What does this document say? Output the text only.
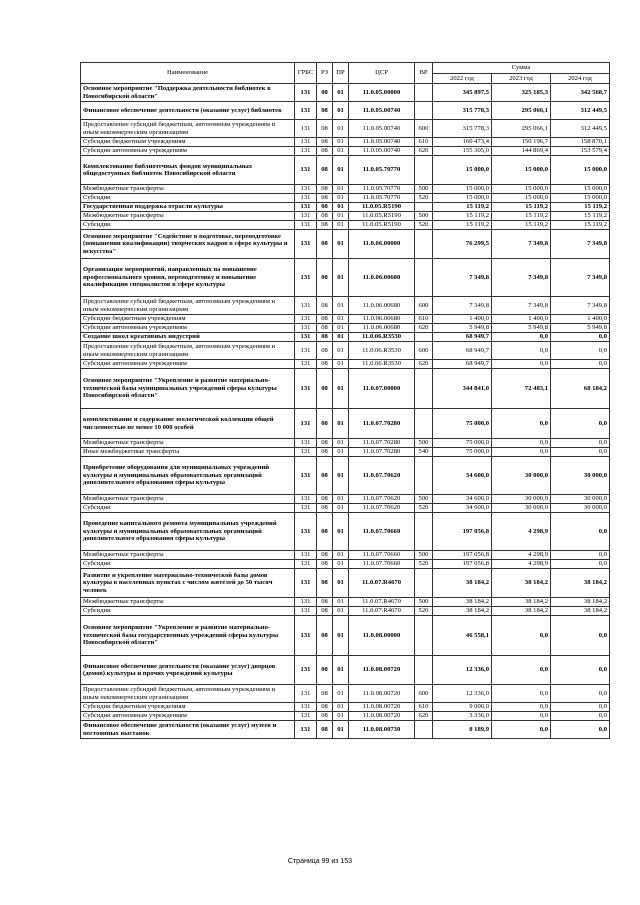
Наименование	ГРБС	РЗ	ПР	ЦСР	ВР	Сумма		
						2022 год	2023 год	2024 год
Основное мероприятие "Поддержка деятельности библиотек в Новосибирской области"	131	08	01	11.0.05.00000		345 897,5	325 185,3	342 568,7
Финансовое обеспечение деятельности (оказание услуг) библиотек	131	08	01	11.0.05.00740		315 778,3	295 066,1	312 449,5
Предоставление субсидий бюджетным, автономным учреждениям и иным некоммерческим организациям	131	08	01	11.0.05.00740	600	315 778,3	295 066,1	312 449,5
Субсидии бюджетным учреждениям	131	08	01	11.0.05.00740	610	160 473,4	150 196,7	158 870,1
Субсидии автономным учреждениям	131	08	01	11.0.05.00740	620	155 305,0	144 869,4	153 579,4
Комплектование библиотечных фондов муниципальных общедоступных библиотек Новосибирской области	131	08	01	11.0.05.70770		15 000,0	15 000,0	15 000,0
Межбюджетные трансферты	131	08	01	11.0.05.70770	500	15 000,0	15 000,0	15 000,0
Субсидии	131	08	01	11.0.05.70770	520	15 000,0	15 000,0	15 000,0
Государственная поддержка отрасли культуры	131	08	01	11.0.05.R5190		15 119,2	15 119,2	15 119,2
Межбюджетные трансферты	131	08	01	11.0.05.R5190	500	15 119,2	15 119,2	15 119,2
Субсидии	131	08	01	11.0.05.R5190	520	15 119,2	15 119,2	15 119,2
Основное мероприятие "Содействие в подготовке, переподготовке (повышении квалификации) творческих кадров в сфере культуры и искусства"	131	08	01	11.0.06.00000		76 299,5	7 349,8	7 349,8
Организация мероприятий, направленных на повышение профессионального уровня, переподготовку и повышение квалификации специалистов в сфере культуры	131	08	01	11.0.06.00680		7 349,8	7 349,8	7 349,8
Предоставление субсидий бюджетным, автономным учреждениям и иным некоммерческим организациям	131	08	01	11.0.06.00680	600	7 349,8	7 349,8	7 349,8
Субсидии бюджетным учреждениям	131	08	01	11.0.06.00680	610	1 400,0	1 400,0	1 400,0
Субсидии автономным учреждениям	131	08	01	11.0.06.00680	620	5 949,8	5 949,8	5 949,8
Создание школ креативных индустрий	131	08	01	11.0.06.R3530		68 949,7	0,0	0,0
Предоставление субсидий бюджетным, автономным учреждениям и иным некоммерческим организациям	131	08	01	11.0.06.R3530	600	68 949,7	0,0	0,0
Субсидии автономным учреждениям	131	08	01	11.0.06.R3530	620	68 949,7	0,0	0,0
Основное мероприятие "Укрепление и развитие материально-технической базы муниципальных учреждений сферы культуры Новосибирской области"	131	08	01	11.0.07.00000		344 841,0	72 483,1	68 184,2
комплектование и содержание зоологической коллекции общей численностью не менее 10 000 особей	131	08	01	11.0.07.70280		75 000,0	0,0	0,0
Межбюджетные трансферты	131	08	01	11.0.07.70280	500	75 000,0	0,0	0,0
Иные межбюджетные трансферты	131	08	01	11.0.07.70280	540	75 000,0	0,0	0,0
Приобретение оборудования для муниципальных учреждений культуры и муниципальных образовательных организаций дополнительного образования сферы культуры	131	08	01	11.0.07.70620		34 600,0	30 000,0	30 000,0
Межбюджетные трансферты	131	08	01	11.0.07.70620	500	34 600,0	30 000,0	30 000,0
Субсидии	131	08	01	11.0.07.70620	520	34 600,0	30 000,0	30 000,0
Проведение капитального ремонта муниципальных учреждений культуры и муниципальных образовательных организаций дополнительного образования сферы культуры	131	08	01	11.0.07.70660		197 056,8	4 298,9	0,0
Межбюджетные трансферты	131	08	01	11.0.07.70660	500	197 056,8	4 298,9	0,0
Субсидии	131	08	01	11.0.07.70660	520	197 056,8	4 298,9	0,0
Развитие и укрепление материально-технической базы домов культуры в населенных пунктах с числом жителей до 50 тысяч человек	131	08	01	11.0.07.R4670		38 184,2	38 184,2	38 184,2
Межбюджетные трансферты	131	08	01	11.0.07.R4670	500	38 184,2	38 184,2	38 184,2
Субсидии	131	08	01	11.0.07.R4670	520	38 184,2	38 184,2	38 184,2
Основное мероприятие "Укрепление и развитие материально-технической базы государственных учреждений сферы культуры Новосибирской области"	131	08	01	11.0.08.00000		46 558,1	0,0	0,0
Финансовое обеспечение деятельности (оказание услуг) дворцов (домов) культуры и прочих учреждений культуры	131	08	01	11.0.08.00720		12 336,0	0,0	0,0
Предоставление субсидий бюджетным, автономным учреждениям и иным некоммерческим организациям	131	08	01	11.0.08.00720	600	12 336,0	0,0	0,0
Субсидии бюджетным учреждениям	131	08	01	11.0.08.00720	610	9 000,0	0,0	0,0
Субсидии автономным учреждениям	131	08	01	11.0.08.00720	620	3 336,0	0,0	0,0
Финансовое обеспечение деятельности (оказание услуг) музеев и постоянных выставок	131	08	01	11.0.08.00730		8 189,9	0,0	0,0
Страница 99 из 153
